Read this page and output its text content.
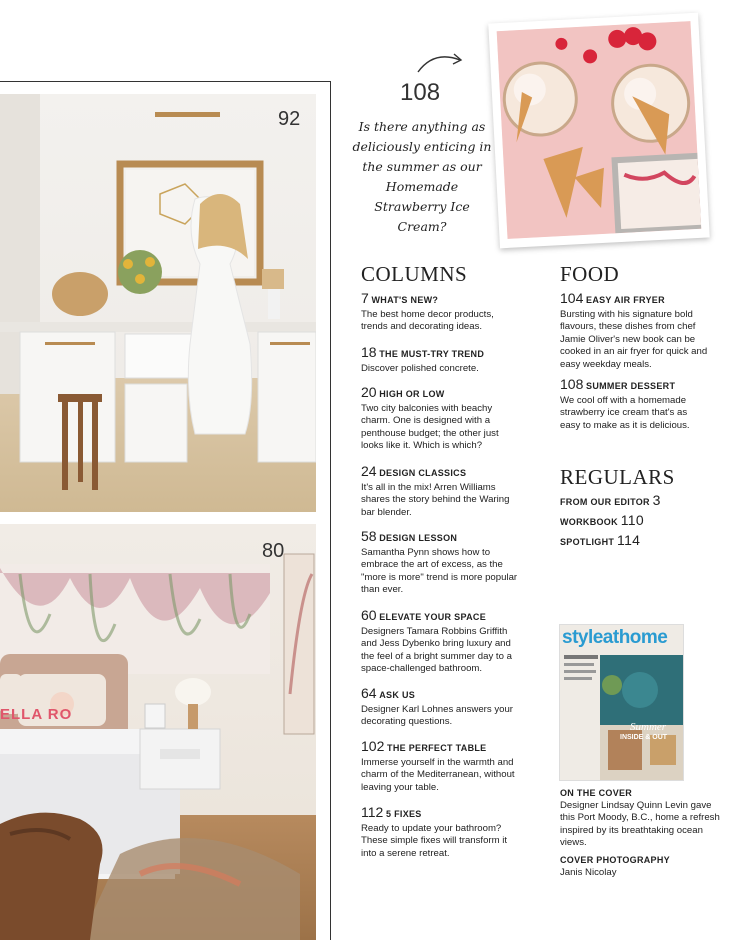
92
ELLA RO
80
108
Is there anything as deliciously enticing in the summer as our Homemade Strawberry Ice Cream?
COLUMNS
7 WHAT'S NEW?
The best home decor products, trends and decorating ideas.
18 THE MUST-TRY TREND
Discover polished concrete.
20 HIGH OR LOW
Two city balconies with beachy charm. One is designed with a penthouse budget; the other just looks like it. Which is which?
24 DESIGN CLASSICS
It's all in the mix! Arren Williams shares the story behind the Waring bar blender.
58 DESIGN LESSON
Samantha Pynn shows how to embrace the art of excess, as the "more is more" trend is more popular than ever.
60 ELEVATE YOUR SPACE
Designers Tamara Robbins Griffith and Jess Dybenko bring luxury and the feel of a bright summer day to a space-challenged bathroom.
64 ASK US
Designer Karl Lohnes answers your decorating questions.
102 THE PERFECT TABLE
Immerse yourself in the warmth and charm of the Mediterranean, without leaving your table.
112 5 FIXES
Ready to update your bathroom? These simple fixes will transform it into a serene retreat.
FOOD
104 EASY AIR FRYER
Bursting with his signature bold flavours, these dishes from chef Jamie Oliver's new book can be cooked in an air fryer for quick and easy weekday meals.
108 SUMMER DESSERT
We cool off with a homemade strawberry ice cream that's as easy to make as it is delicious.
REGULARS
FROM OUR EDITOR 3
WORKBOOK 110
SPOTLIGHT 114
styleathome
Summer
INSIDE & OUT
ON THE COVER
Designer Lindsay Quinn Levin gave this Port Moody, B.C., home a refresh inspired by its breathtaking ocean views.
COVER PHOTOGRAPHY
Janis Nicolay
